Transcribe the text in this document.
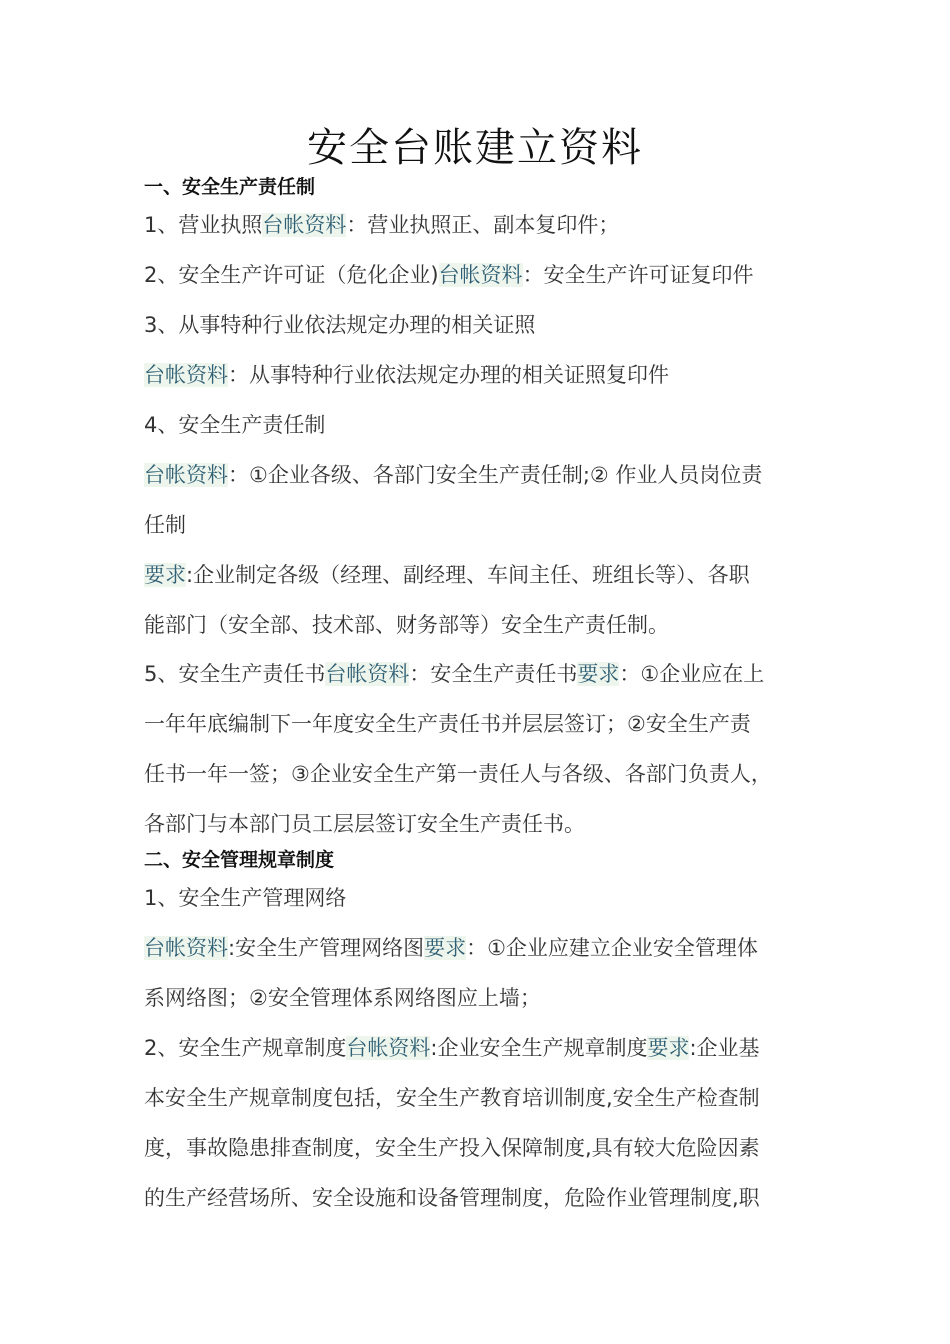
安全台账建立资料
一、安全生产责任制
1、营业执照台帐资料：营业执照正、副本复印件；
2、安全生产许可证（危化企业)台帐资料：安全生产许可证复印件
3、从事特种行业依法规定办理的相关证照
台帐资料：从事特种行业依法规定办理的相关证照复印件
4、安全生产责任制
台帐资料：①企业各级、各部门安全生产责任制;② 作业人员岗位责
任制
要求:企业制定各级（经理、副经理、车间主任、班组长等）、各职
能部门（安全部、技术部、财务部等）安全生产责任制。
5、安全生产责任书台帐资料：安全生产责任书要求：①企业应在上
一年年底编制下一年度安全生产责任书并层层签订；②安全生产责
任书一年一签；③企业安全生产第一责任人与各级、各部门负责人，
各部门与本部门员工层层签订安全生产责任书。
二、安全管理规章制度
1、安全生产管理网络
台帐资料:安全生产管理网络图要求：①企业应建立企业安全管理体
系网络图；②安全管理体系网络图应上墙；
2、安全生产规章制度台帐资料:企业安全生产规章制度要求:企业基
本安全生产规章制度包括，安全生产教育培训制度,安全生产检查制
度，事故隐患排查制度，安全生产投入保障制度,具有较大危险因素
的生产经营场所、安全设施和设备管理制度，危险作业管理制度,职
